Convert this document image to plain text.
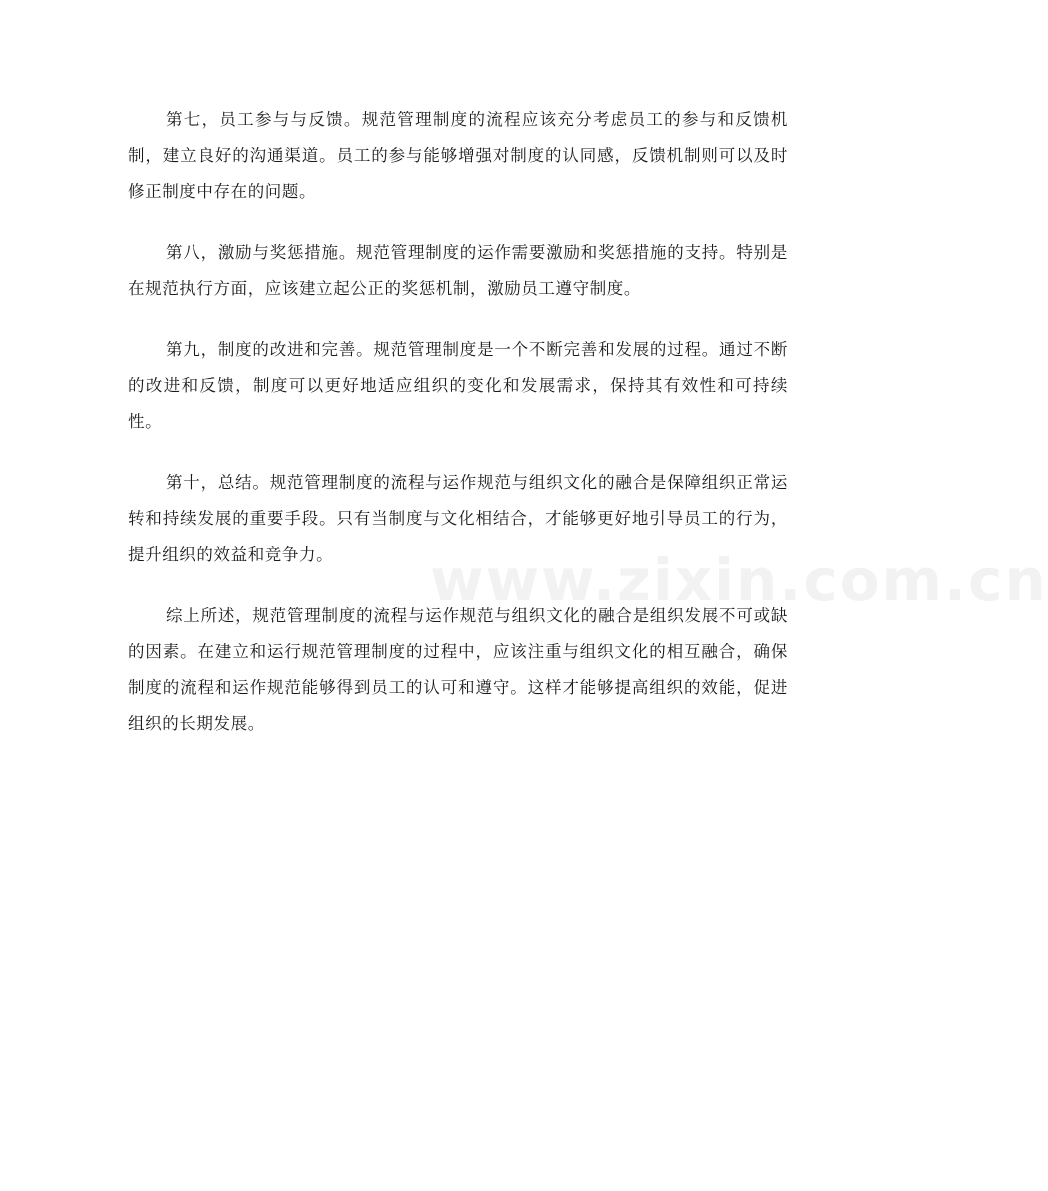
第七，员工参与与反馈。规范管理制度的流程应该充分考虑员工的参与和反馈机制，建立良好的沟通渠道。员工的参与能够增强对制度的认同感，反馈机制则可以及时修正制度中存在的问题。

第八，激励与奖惩措施。规范管理制度的运作需要激励和奖惩措施的支持。特别是在规范执行方面，应该建立起公正的奖惩机制，激励员工遵守制度。

第九，制度的改进和完善。规范管理制度是一个不断完善和发展的过程。通过不断的改进和反馈，制度可以更好地适应组织的变化和发展需求，保持其有效性和可持续性。

第十，总结。规范管理制度的流程与运作规范与组织文化的融合是保障组织正常运转和持续发展的重要手段。只有当制度与文化相结合，才能够更好地引导员工的行为，提升组织的效益和竞争力。

综上所述，规范管理制度的流程与运作规范与组织文化的融合是组织发展不可或缺的因素。在建立和运行规范管理制度的过程中，应该注重与组织文化的相互融合，确保制度的流程和运作规范能够得到员工的认可和遵守。这样才能够提高组织的效能，促进组织的长期发展。

www.zixin.com.cn
